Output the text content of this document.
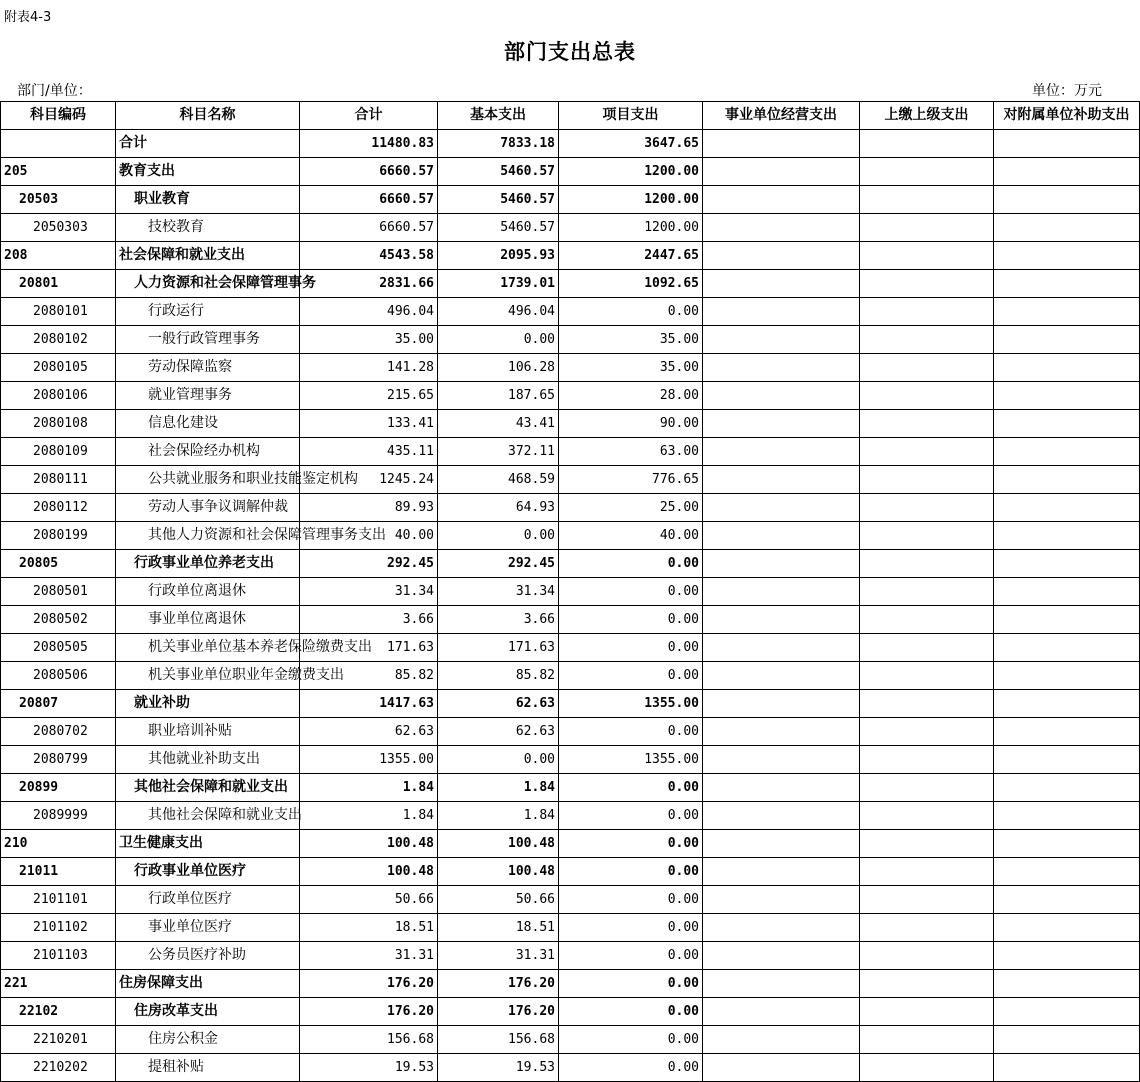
附表4-3
部门支出总表
部门/单位：	单位：万元
科目编码	科目名称	合计	基本支出	项目支出	事业单位经营支出	上缴上级支出	对附属单位补助支出
	合计	11480.83	7833.18	3647.65			
205	教育支出	6660.57	5460.57	1200.00			
20503	职业教育	6660.57	5460.57	1200.00			
2050303	技校教育	6660.57	5460.57	1200.00			
208	社会保障和就业支出	4543.58	2095.93	2447.65			
20801	人力资源和社会保障管理事务	2831.66	1739.01	1092.65			
2080101	行政运行	496.04	496.04	0.00			
2080102	一般行政管理事务	35.00	0.00	35.00			
2080105	劳动保障监察	141.28	106.28	35.00			
2080106	就业管理事务	215.65	187.65	28.00			
2080108	信息化建设	133.41	43.41	90.00			
2080109	社会保险经办机构	435.11	372.11	63.00			
2080111	公共就业服务和职业技能鉴定机构	1245.24	468.59	776.65			
2080112	劳动人事争议调解仲裁	89.93	64.93	25.00			
2080199	其他人力资源和社会保障管理事务支出	40.00	0.00	40.00			
20805	行政事业单位养老支出	292.45	292.45	0.00			
2080501	行政单位离退休	31.34	31.34	0.00			
2080502	事业单位离退休	3.66	3.66	0.00			
2080505	机关事业单位基本养老保险缴费支出	171.63	171.63	0.00			
2080506	机关事业单位职业年金缴费支出	85.82	85.82	0.00			
20807	就业补助	1417.63	62.63	1355.00			
2080702	职业培训补贴	62.63	62.63	0.00			
2080799	其他就业补助支出	1355.00	0.00	1355.00			
20899	其他社会保障和就业支出	1.84	1.84	0.00			
2089999	其他社会保障和就业支出	1.84	1.84	0.00			
210	卫生健康支出	100.48	100.48	0.00			
21011	行政事业单位医疗	100.48	100.48	0.00			
2101101	行政单位医疗	50.66	50.66	0.00			
2101102	事业单位医疗	18.51	18.51	0.00			
2101103	公务员医疗补助	31.31	31.31	0.00			
221	住房保障支出	176.20	176.20	0.00			
22102	住房改革支出	176.20	176.20	0.00			
2210201	住房公积金	156.68	156.68	0.00			
2210202	提租补贴	19.53	19.53	0.00			
